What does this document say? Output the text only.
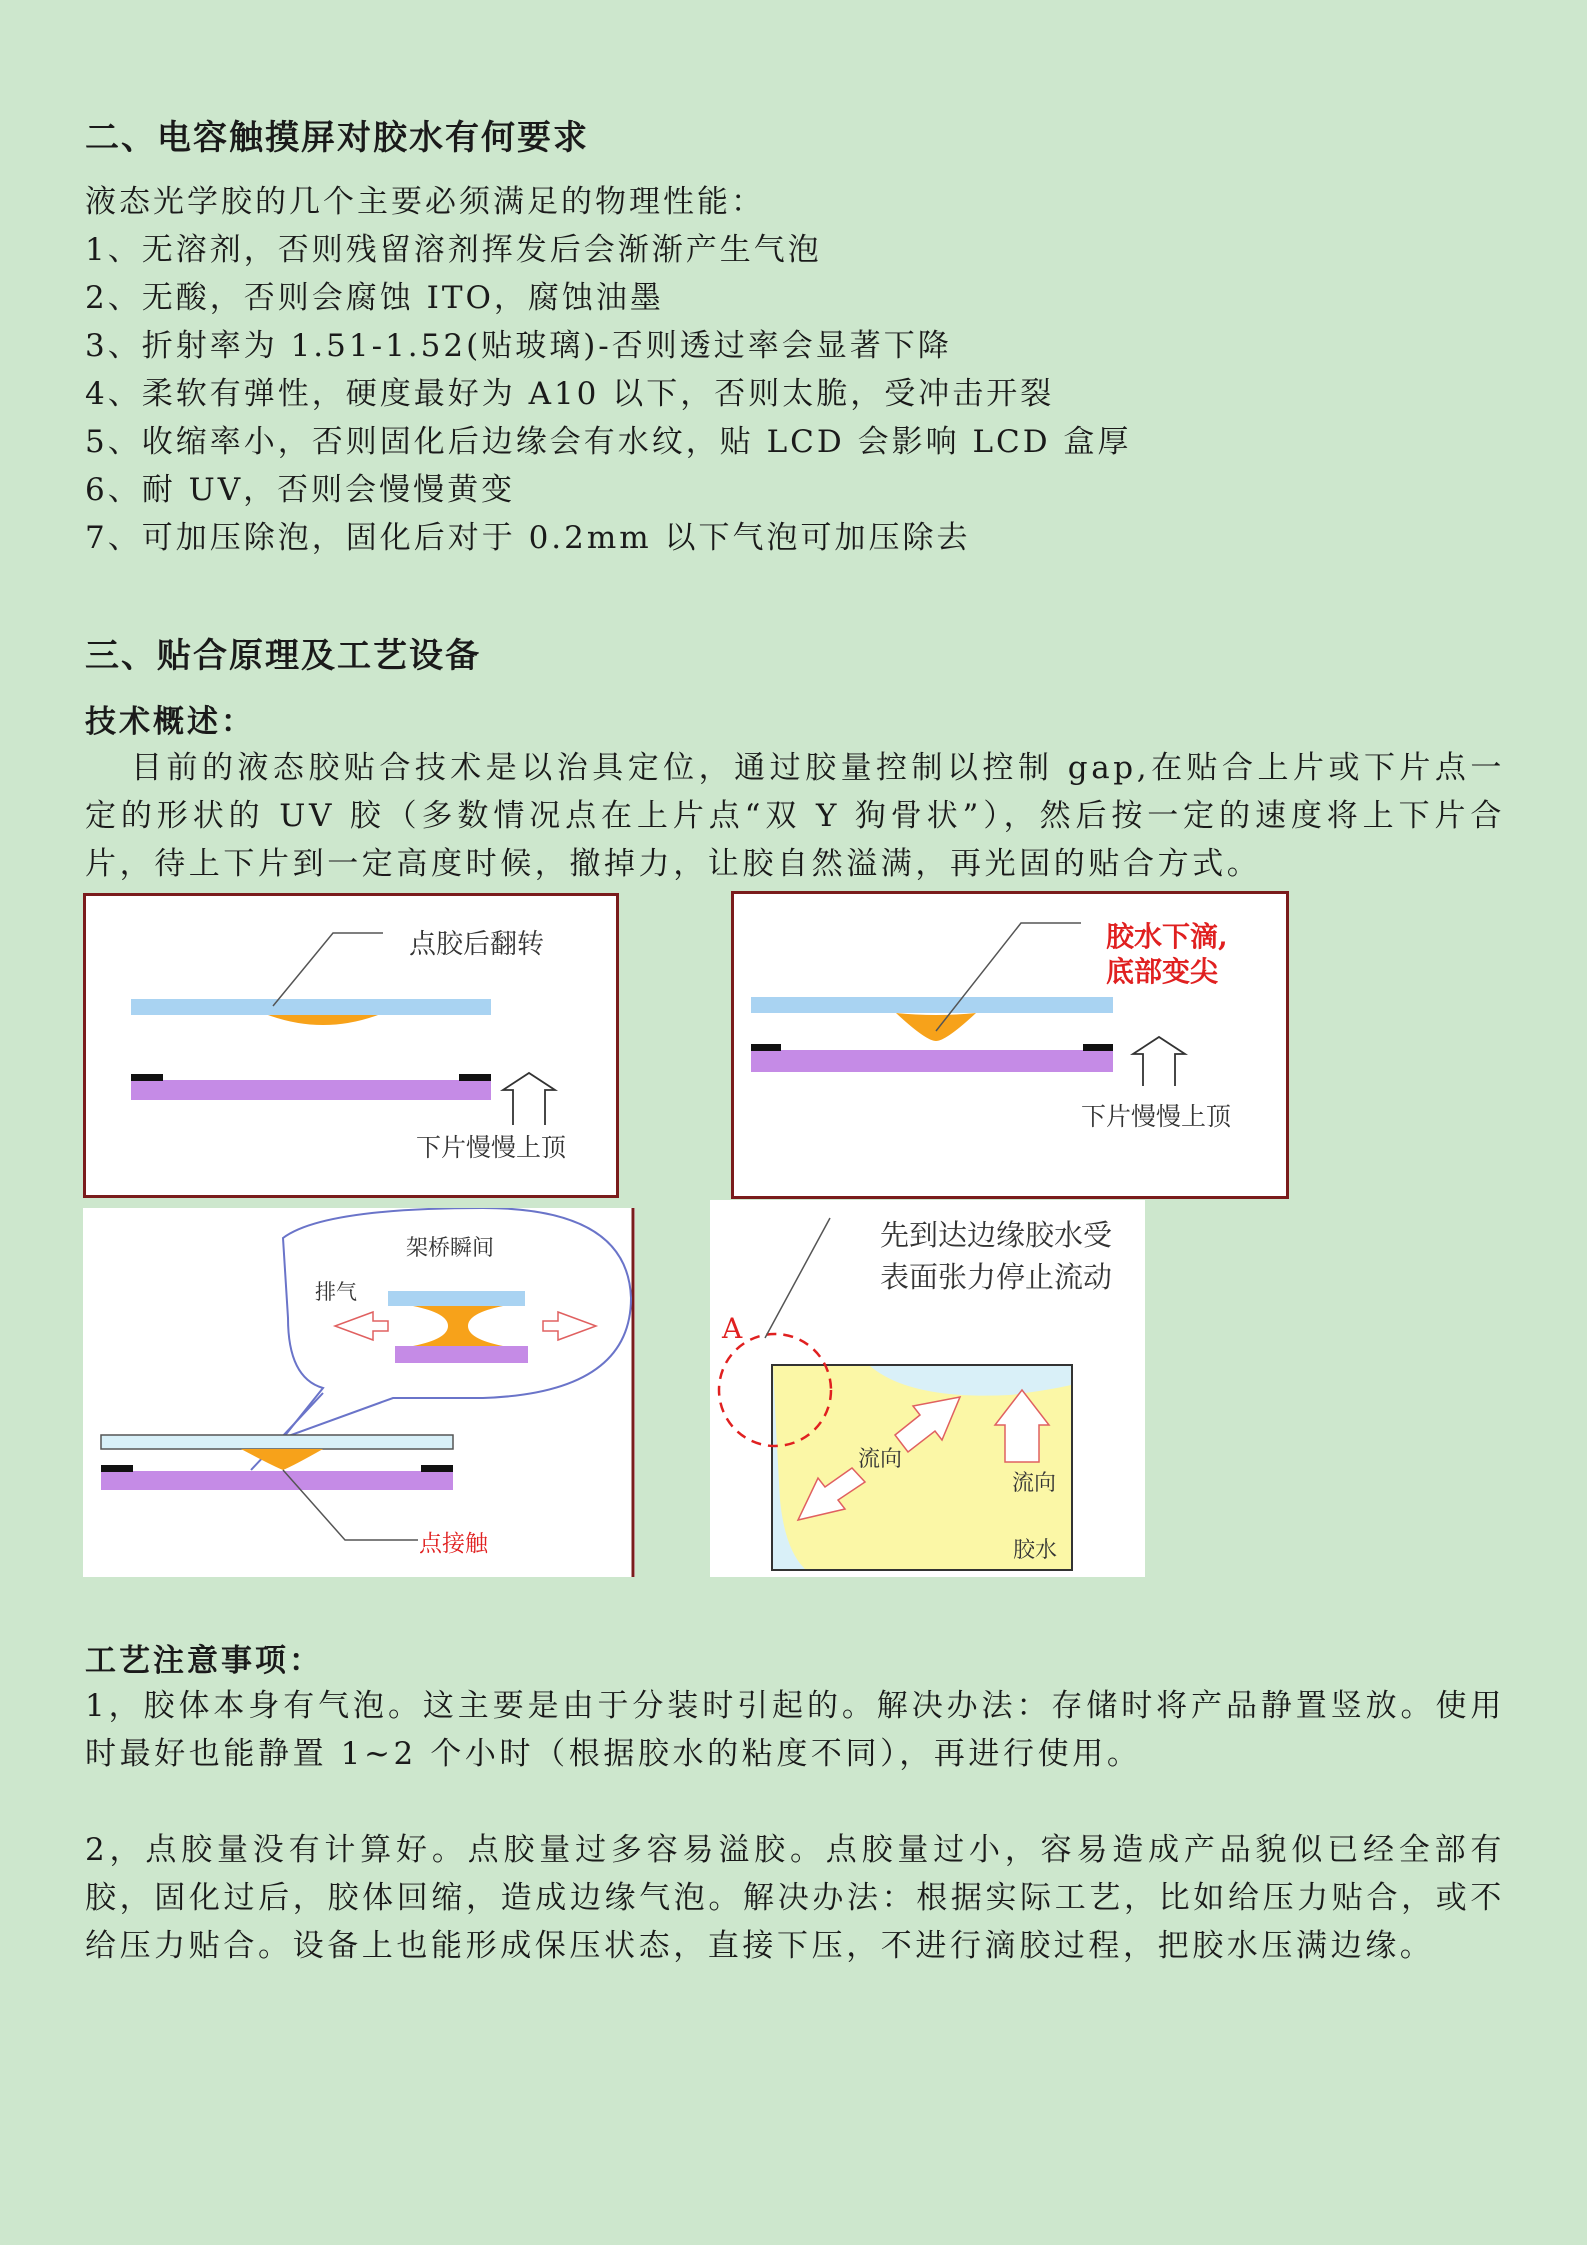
二、电容触摸屏对胶水有何要求
液态光学胶的几个主要必须满足的物理性能：
1、无溶剂，否则残留溶剂挥发后会渐渐产生气泡
2、无酸，否则会腐蚀 ITO，腐蚀油墨
3、折射率为 1.51-1.52(贴玻璃)-否则透过率会显著下降
4、柔软有弹性，硬度最好为 A10 以下，否则太脆，受冲击开裂
5、收缩率小，否则固化后边缘会有水纹，贴 LCD 会影响 LCD 盒厚
6、耐 UV，否则会慢慢黄变
7、可加压除泡，固化后对于 0.2mm 以下气泡可加压除去
三、贴合原理及工艺设备
技术概述：
目前的液态胶贴合技术是以治具定位，通过胶量控制以控制 gap,在贴合上片或下片点一定的形状的 UV 胶（多数情况点在上片点“双 Y 狗骨状”），然后按一定的速度将上下片合片，待上下片到一定高度时候，撤掉力，让胶自然溢满，再光固的贴合方式。
点胶后翻转
下片慢慢上顶
胶水下滴,
底部变尖
下片慢慢上顶
架桥瞬间
排气
点接触
A
先到达边缘胶水受
表面张力停止流动
流向
流向
胶水
工艺注意事项：
1，胶体本身有气泡。这主要是由于分装时引起的。解决办法：存储时将产品静置竖放。使用时最好也能静置 1~2 个小时（根据胶水的粘度不同），再进行使用。
2，点胶量没有计算好。点胶量过多容易溢胶。点胶量过小，容易造成产品貌似已经全部有胶，固化过后，胶体回缩，造成边缘气泡。解决办法：根据实际工艺，比如给压力贴合，或不给压力贴合。设备上也能形成保压状态，直接下压，不进行滴胶过程，把胶水压满边缘。
